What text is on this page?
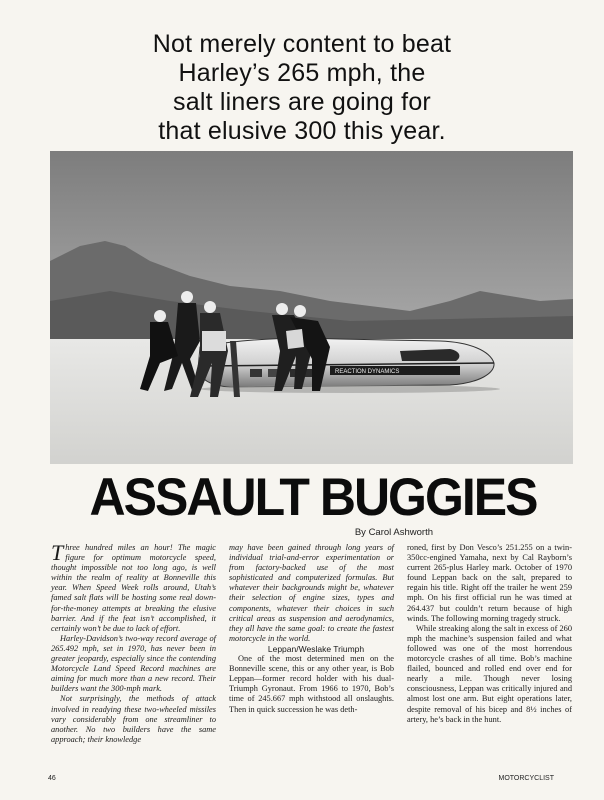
Not merely content to beat
Harley’s 265 mph, the
salt liners are going for
that elusive 300 this year.
REACTION DYNAMICS
ASSAULT BUGGIES
By Carol Ashworth

Three hundred miles an hour! The magic figure for optimum motorcycle speed, thought impossible not too long ago, is well within the realm of reality at Bonneville this year. When Speed Week rolls around, Utah’s famed salt flats will be hosting some real down-for-the-money attempts at breaking the elusive barrier. And if the feat isn’t accomplished, it certainly won’t be due to lack of effort.

Harley-Davidson’s two-way record average of 265.492 mph, set in 1970, has never been in greater jeopardy, especially since the contending Motorcycle Land Speed Record machines are aiming for much more than a new record. Their builders want the 300-mph mark.

Not surprisingly, the methods of attack involved in readying these two-wheeled missiles vary considerably from one streamliner to another. No two builders have the same approach; their knowledge

may have been gained through long years of individual trial-and-error experimentation or from factory-backed use of the most sophisticated and computerized formulas. But whatever their backgrounds might be, whatever their selection of engine sizes, types and components, whatever their choices in such critical areas as suspension and aerodynamics, they all have the same goal: to create the fastest motorcycle in the world.

Leppan/Weslake Triumph

One of the most determined men on the Bonneville scene, this or any other year, is Bob Leppan—former record holder with his dual-Triumph Gyronaut. From 1966 to 1970, Bob’s time of 245.667 mph withstood all onslaughts. Then in quick succession he was deth-

roned, first by Don Vesco’s 251.255 on a twin-350cc-engined Yamaha, next by Cal Rayborn’s current 265-plus Harley mark. October of 1970 found Leppan back on the salt, prepared to regain his title. Right off the trailer he went 259 mph. On his first official run he was timed at 264.437 but couldn’t return because of high winds. The following morning tragedy struck.

While streaking along the salt in excess of 260 mph the machine’s suspension failed and what followed was one of the most horrendous motorcycle crashes of all time. Bob’s machine flailed, bounced and rolled end over end for nearly a mile. Though never losing consciousness, Leppan was critically injured and almost lost one arm. But eight operations later, despite removal of his bicep and 8½ inches of artery, he’s back in the hunt.

46	MOTORCYCLIST
